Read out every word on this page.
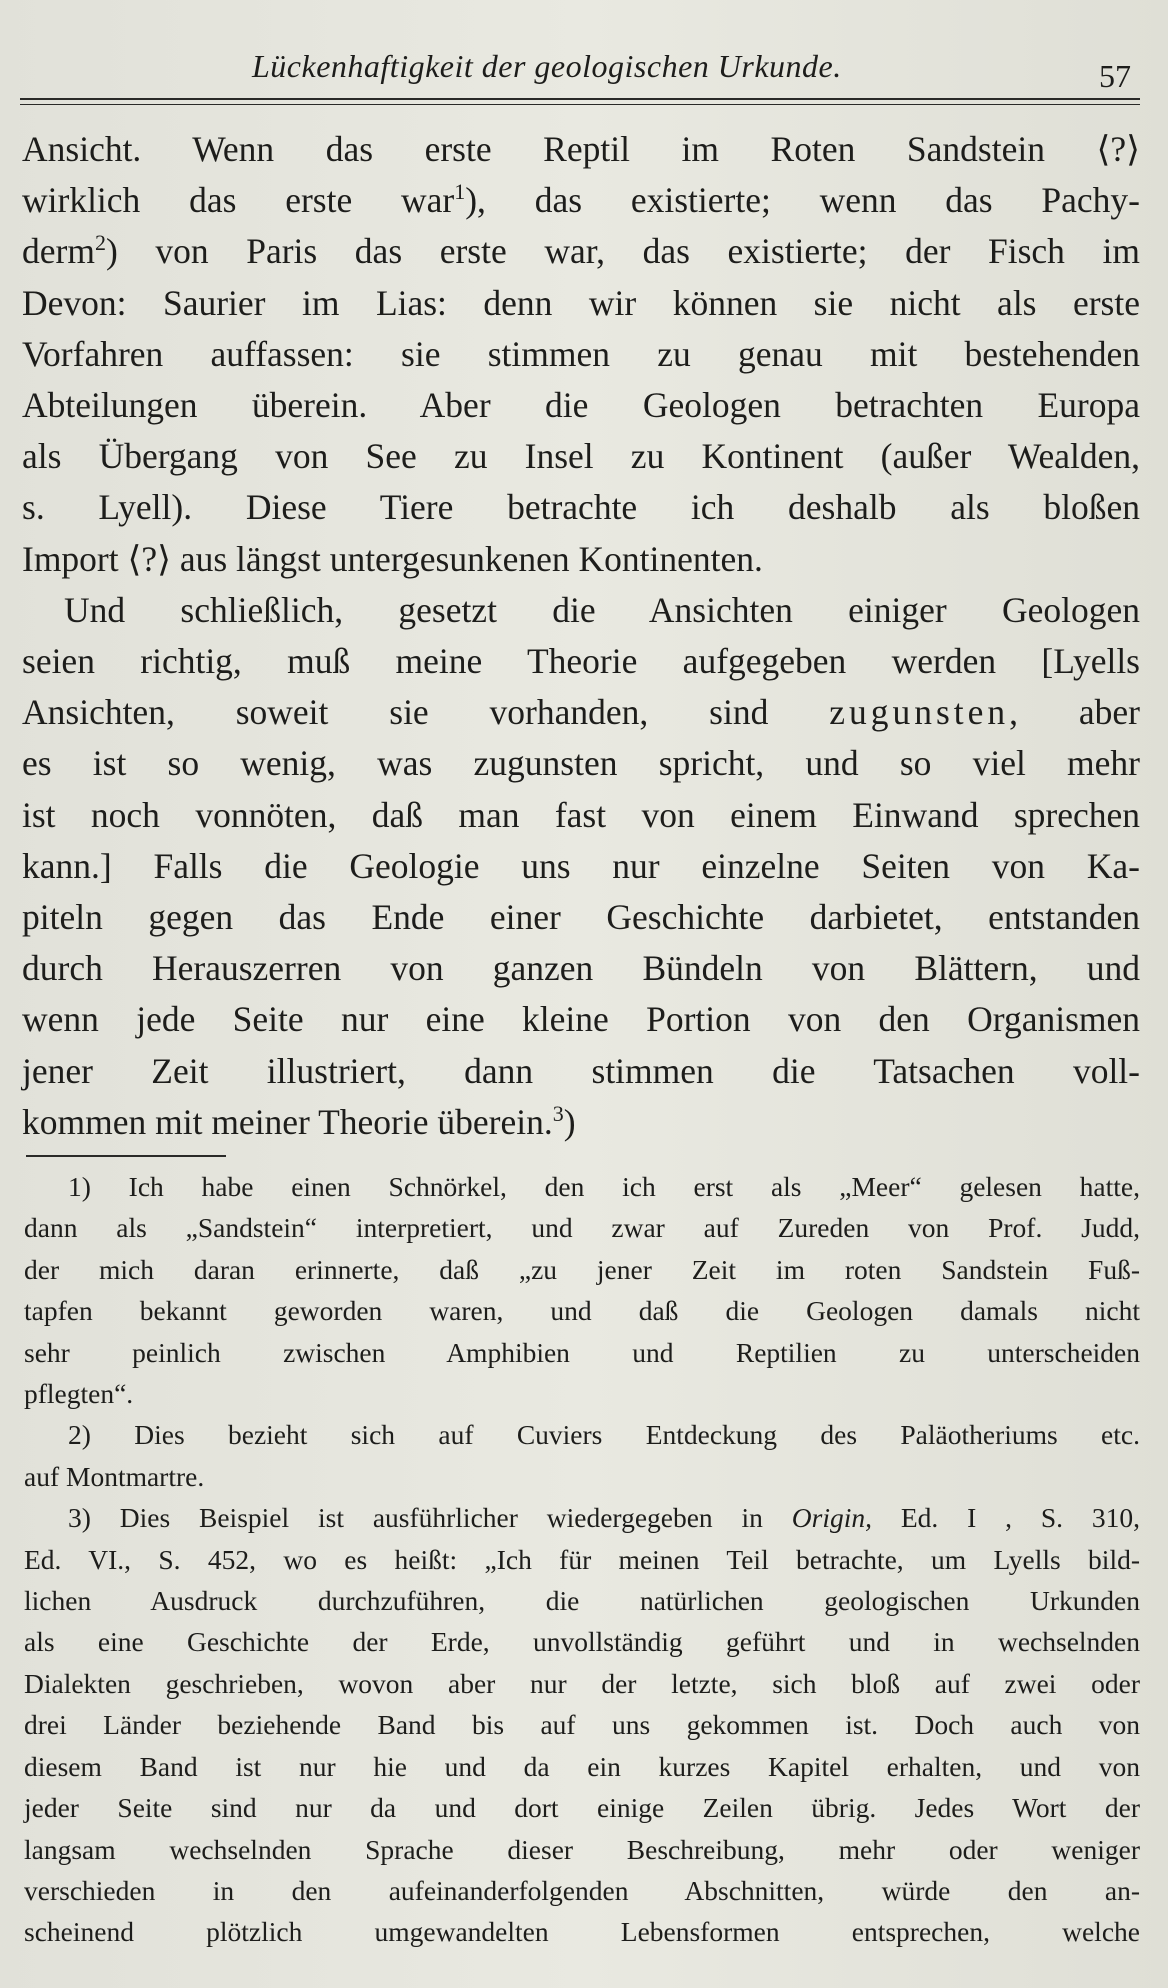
Lückenhaftigkeit der geologischen Urkunde.	57
Ansicht. Wenn das erste Reptil im Roten Sandstein ⟨?⟩
wirklich das erste war$^1$), das existierte; wenn das Pachy-
derm$^2$) von Paris das erste war, das existierte; der Fisch im
Devon: Saurier im Lias: denn wir können sie nicht als erste
Vorfahren auffassen: sie stimmen zu genau mit bestehenden
Abteilungen überein. Aber die Geologen betrachten Europa
als Übergang von See zu Insel zu Kontinent (außer Wealden,
s. Lyell). Diese Tiere betrachte ich deshalb als bloßen
Import ⟨?⟩ aus längst untergesunkenen Kontinenten.
Und schließlich, gesetzt die Ansichten einiger Geologen
seien richtig, muß meine Theorie aufgegeben werden [Lyells
Ansichten, soweit sie vorhanden, sind zugunsten, aber
es ist so wenig, was zugunsten spricht, und so viel mehr
ist noch vonnöten, daß man fast von einem Einwand sprechen
kann.] Falls die Geologie uns nur einzelne Seiten von Ka-
piteln gegen das Ende einer Geschichte darbietet, entstanden
durch Herauszerren von ganzen Bündeln von Blättern, und
wenn jede Seite nur eine kleine Portion von den Organismen
jener Zeit illustriert, dann stimmen die Tatsachen voll-
kommen mit meiner Theorie überein.$^3$)
1) Ich habe einen Schnörkel, den ich erst als „Meer“ gelesen hatte,
dann als „Sandstein“ interpretiert, und zwar auf Zureden von Prof. Judd,
der mich daran erinnerte, daß „zu jener Zeit im roten Sandstein Fuß-
tapfen bekannt geworden waren, und daß die Geologen damals nicht
sehr peinlich zwischen Amphibien und Reptilien zu unterscheiden
pflegten“.
2) Dies bezieht sich auf Cuviers Entdeckung des Paläotheriums etc.
auf Montmartre.
3) Dies Beispiel ist ausführlicher wiedergegeben in Origin, Ed. I , S. 310,
Ed. VI., S. 452, wo es heißt: „Ich für meinen Teil betrachte, um Lyells bild-
lichen Ausdruck durchzuführen, die natürlichen geologischen Urkunden
als eine Geschichte der Erde, unvollständig geführt und in wechselnden
Dialekten geschrieben, wovon aber nur der letzte, sich bloß auf zwei oder
drei Länder beziehende Band bis auf uns gekommen ist. Doch auch von
diesem Band ist nur hie und da ein kurzes Kapitel erhalten, und von
jeder Seite sind nur da und dort einige Zeilen übrig. Jedes Wort der
langsam wechselnden Sprache dieser Beschreibung, mehr oder weniger
verschieden in den aufeinanderfolgenden Abschnitten, würde den an-
scheinend plötzlich umgewandelten Lebensformen entsprechen, welche
